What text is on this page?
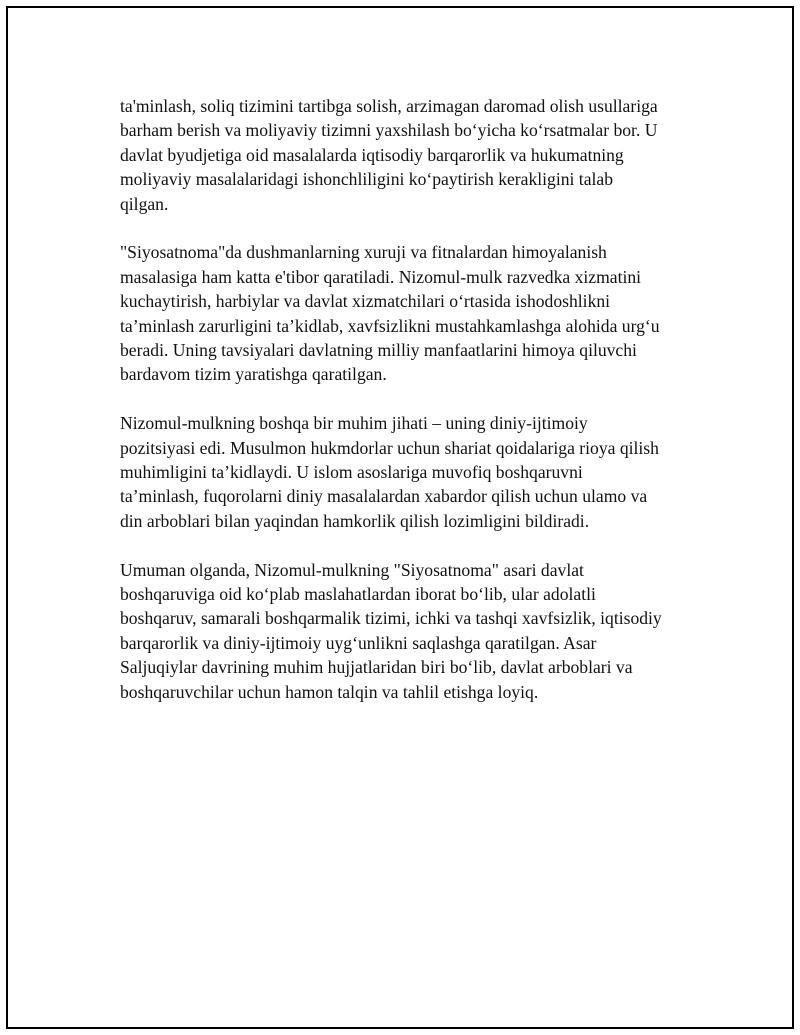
ta'minlash, soliq tizimini tartibga solish, arzimagan daromad olish usullariga
barham berish va moliyaviy tizimni yaxshilash bo‘yicha ko‘rsatmalar bor. U
davlat byudjetiga oid masalalarda iqtisodiy barqarorlik va hukumatning
moliyaviy masalalaridagi ishonchliligini ko‘paytirish kerakligini talab
qilgan.

"Siyosatnoma"da dushmanlarning xuruji va fitnalardan himoyalanish
masalasiga ham katta e'tibor qaratiladi. Nizomul-mulk razvedka xizmatini
kuchaytirish, harbiylar va davlat xizmatchilari o‘rtasida ishodoshlikni
ta’minlash zarurligini ta’kidlab, xavfsizlikni mustahkamlashga alohida urg‘u
beradi. Uning tavsiyalari davlatning milliy manfaatlarini himoya qiluvchi
bardavom tizim yaratishga qaratilgan.

Nizomul-mulkning boshqa bir muhim jihati – uning diniy-ijtimoiy
pozitsiyasi edi. Musulmon hukmdorlar uchun shariat qoidalariga rioya qilish
muhimligini ta’kidlaydi. U islom asoslariga muvofiq boshqaruvni
ta’minlash, fuqorolarni diniy masalalardan xabardor qilish uchun ulamo va
din arboblari bilan yaqindan hamkorlik qilish lozimligini bildiradi.

Umuman olganda, Nizomul-mulkning "Siyosatnoma" asari davlat
boshqaruviga oid ko‘plab maslahatlardan iborat bo‘lib, ular adolatli
boshqaruv, samarali boshqarmalik tizimi, ichki va tashqi xavfsizlik, iqtisodiy
barqarorlik va diniy-ijtimoiy uyg‘unlikni saqlashga qaratilgan. Asar
Saljuqiylar davrining muhim hujjatlaridan biri bo‘lib, davlat arboblari va
boshqaruvchilar uchun hamon talqin va tahlil etishga loyiq.
